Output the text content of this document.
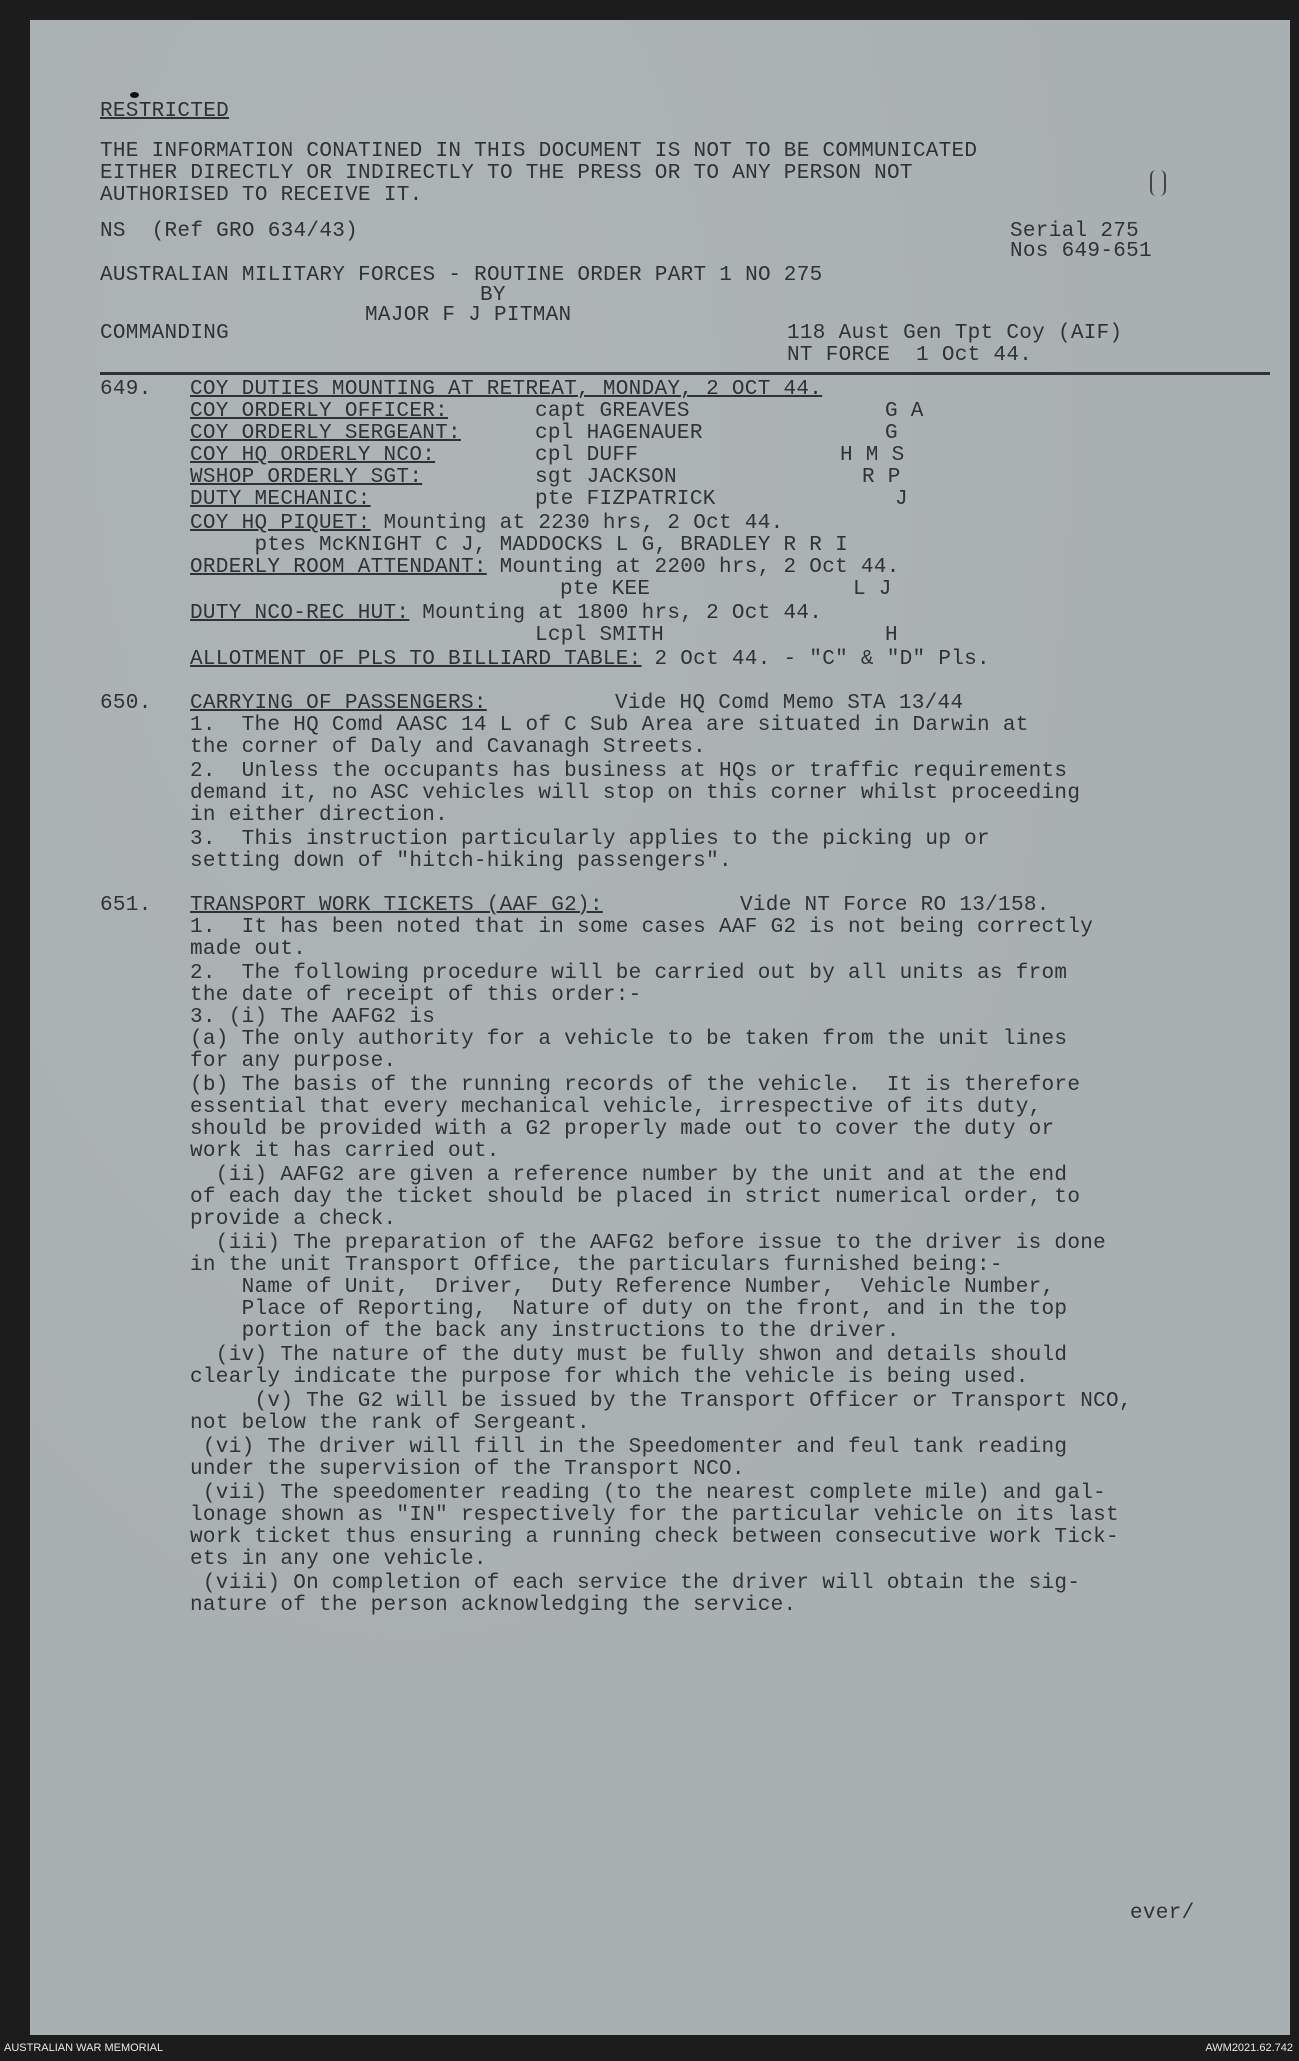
RESTRICTED
THE INFORMATION CONATINED IN THIS DOCUMENT IS NOT TO BE COMMUNICATED
EITHER DIRECTLY OR INDIRECTLY TO THE PRESS OR TO ANY PERSON NOT
AUTHORISED TO RECEIVE IT.
NS  (Ref GRO 634/43)	Serial 275
Nos 649-651
AUSTRALIAN MILITARY FORCES - ROUTINE ORDER PART 1 NO 275
BY
MAJOR F J PITMAN
COMMANDING	118 Aust Gen Tpt Coy (AIF)
NT FORCE  1 Oct 44.
649. COY DUTIES MOUNTING AT RETREAT, MONDAY, 2 OCT 44.
COY ORDERLY OFFICER:	capt GREAVES	G A
COY ORDERLY SERGEANT:	cpl HAGENAUER	G
COY HQ ORDERLY NCO:	cpl DUFF	H M S
WSHOP ORDERLY SGT:	sgt JACKSON	R P
DUTY MECHANIC:	pte FIZPATRICK	J
COY HQ PIQUET: Mounting at 2230 hrs, 2 Oct 44.
ptes McKNIGHT C J, MADDOCKS L G, BRADLEY R R I
ORDERLY ROOM ATTENDANT: Mounting at 2200 hrs, 2 Oct 44.
pte KEE	L J
DUTY NCO-REC HUT: Mounting at 1800 hrs, 2 Oct 44.
Lcpl SMITH	H
ALLOTMENT OF PLS TO BILLIARD TABLE: 2 Oct 44. - "C" & "D" Pls.
650. CARRYING OF PASSENGERS:	Vide HQ Comd Memo STA 13/44
1.  The HQ Comd AASC 14 L of C Sub Area are situated in Darwin at
the corner of Daly and Cavanagh Streets.
2.  Unless the occupants has business at HQs or traffic requirements
demand it, no ASC vehicles will stop on this corner whilst proceeding
in either direction.
3.  This instruction particularly applies to the picking up or
setting down of "hitch-hiking passengers".
651. TRANSPORT WORK TICKETS (AAF G2):	Vide NT Force RO 13/158.
1.  It has been noted that in some cases AAF G2 is not being correctly
made out.
2.  The following procedure will be carried out by all units as from
the date of receipt of this order:-
3. (i) The AAFG2 is
(a) The only authority for a vehicle to be taken from the unit lines
for any purpose.
(b) The basis of the running records of the vehicle.  It is therefore
essential that every mechanical vehicle, irrespective of its duty,
should be provided with a G2 properly made out to cover the duty or
work it has carried out.
(ii) AAFG2 are given a reference number by the unit and at the end
of each day the ticket should be placed in strict numerical order, to
provide a check.
(iii) The preparation of the AAFG2 before issue to the driver is done
in the unit Transport Office, the particulars furnished being:-
Name of Unit,  Driver,  Duty Reference Number,  Vehicle Number,
Place of Reporting,  Nature of duty on the front, and in the top
portion of the back any instructions to the driver.
(iv) The nature of the duty must be fully shwon and details should
clearly indicate the purpose for which the vehicle is being used.
(v) The G2 will be issued by the Transport Officer or Transport NCO,
not below the rank of Sergeant.
(vi) The driver will fill in the Speedomenter and feul tank reading
under the supervision of the Transport NCO.
(vii) The speedomenter reading (to the nearest complete mile) and gal-
lonage shown as "IN" respectively for the particular vehicle on its last
work ticket thus ensuring a running check between consecutive work Tick-
ets in any one vehicle.
(viii) On completion of each service the driver will obtain the sig-
nature of the person acknowledging the service.
ever/
AUSTRALIAN WAR MEMORIAL	AWM2021.62.742
